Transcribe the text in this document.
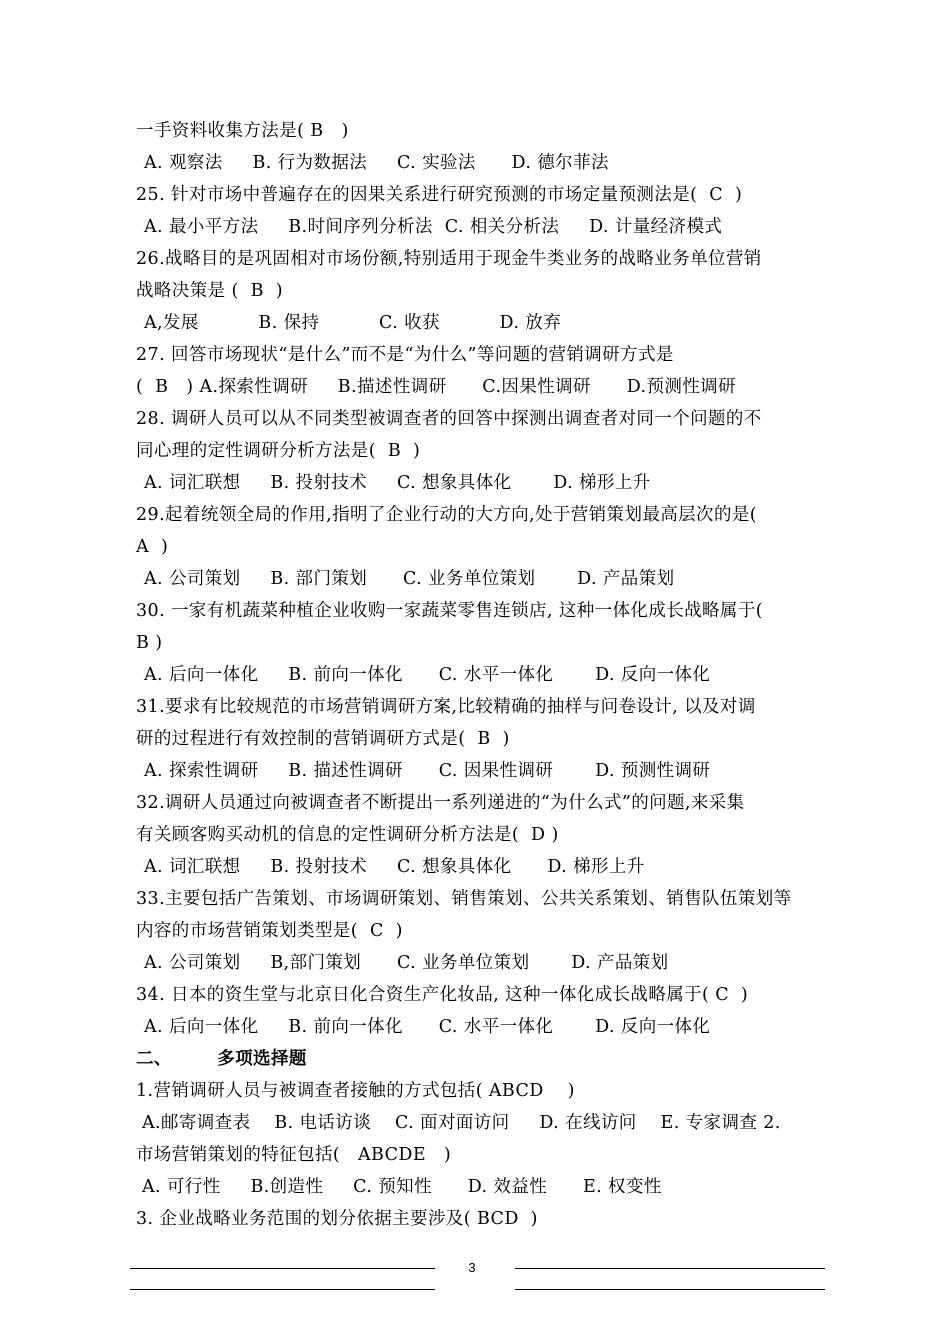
一手资料收集方法是( B   )
A. 观察法     B. 行为数据法     C. 实验法      D. 德尔菲法
25. 针对市场中普遍存在的因果关系进行研究预测的市场定量预测法是(  C  )
A. 最小平方法     B.时间序列分析法  C. 相关分析法     D. 计量经济模式
26.战略目的是巩固相对市场份额,特别适用于现金牛类业务的战略业务单位营销
战略决策是 (  B  )
A,发展          B. 保持          C. 收获          D. 放弃
27. 回答市场现状“是什么”而不是“为什么”等问题的营销调研方式是
(  B   ) A.探索性调研     B.描述性调研      C.因果性调研      D.预测性调研
28. 调研人员可以从不同类型被调查者的回答中探测出调查者对同一个问题的不
同心理的定性调研分析方法是(  B  )
A. 词汇联想     B. 投射技术     C. 想象具体化       D. 梯形上升
29.起着统领全局的作用,指明了企业行动的大方向,处于营销策划最高层次的是(
A  )
A. 公司策划     B. 部门策划      C. 业务单位策划       D. 产品策划
30. 一家有机蔬菜种植企业收购一家蔬菜零售连锁店, 这种一体化成长战略属于(
B )
A. 后向一体化     B. 前向一体化      C. 水平一体化       D. 反向一体化
31.要求有比较规范的市场营销调研方案,比较精确的抽样与问卷设计, 以及对调
研的过程进行有效控制的营销调研方式是(  B  )
A. 探索性调研     B. 描述性调研      C. 因果性调研       D. 预测性调研
32.调研人员通过向被调查者不断提出一系列递进的“为什么式”的问题,来采集
有关顾客购买动机的信息的定性调研分析方法是(  D )
A. 词汇联想     B. 投射技术     C. 想象具体化      D. 梯形上升
33.主要包括广告策划、市场调研策划、销售策划、公共关系策划、销售队伍策划等
内容的市场营销策划类型是(  C  )
A. 公司策划     B,部门策划      C. 业务单位策划       D. 产品策划
34. 日本的资生堂与北京日化合资生产化妆品, 这种一体化成长战略属于( C  )
A. 后向一体化     B. 前向一体化      C. 水平一体化       D. 反向一体化
二、       多项选择题
1.营销调研人员与被调查者接触的方式包括( ABCD    )
A.邮寄调查表    B. 电话访谈    C. 面对面访问     D. 在线访问    E. 专家调查 2.
市场营销策划的特征包括(   ABCDE   )
A. 可行性     B.创造性     C. 预知性      D. 效益性      E. 权变性
3. 企业战略业务范围的划分依据主要涉及( BCD  )
3
